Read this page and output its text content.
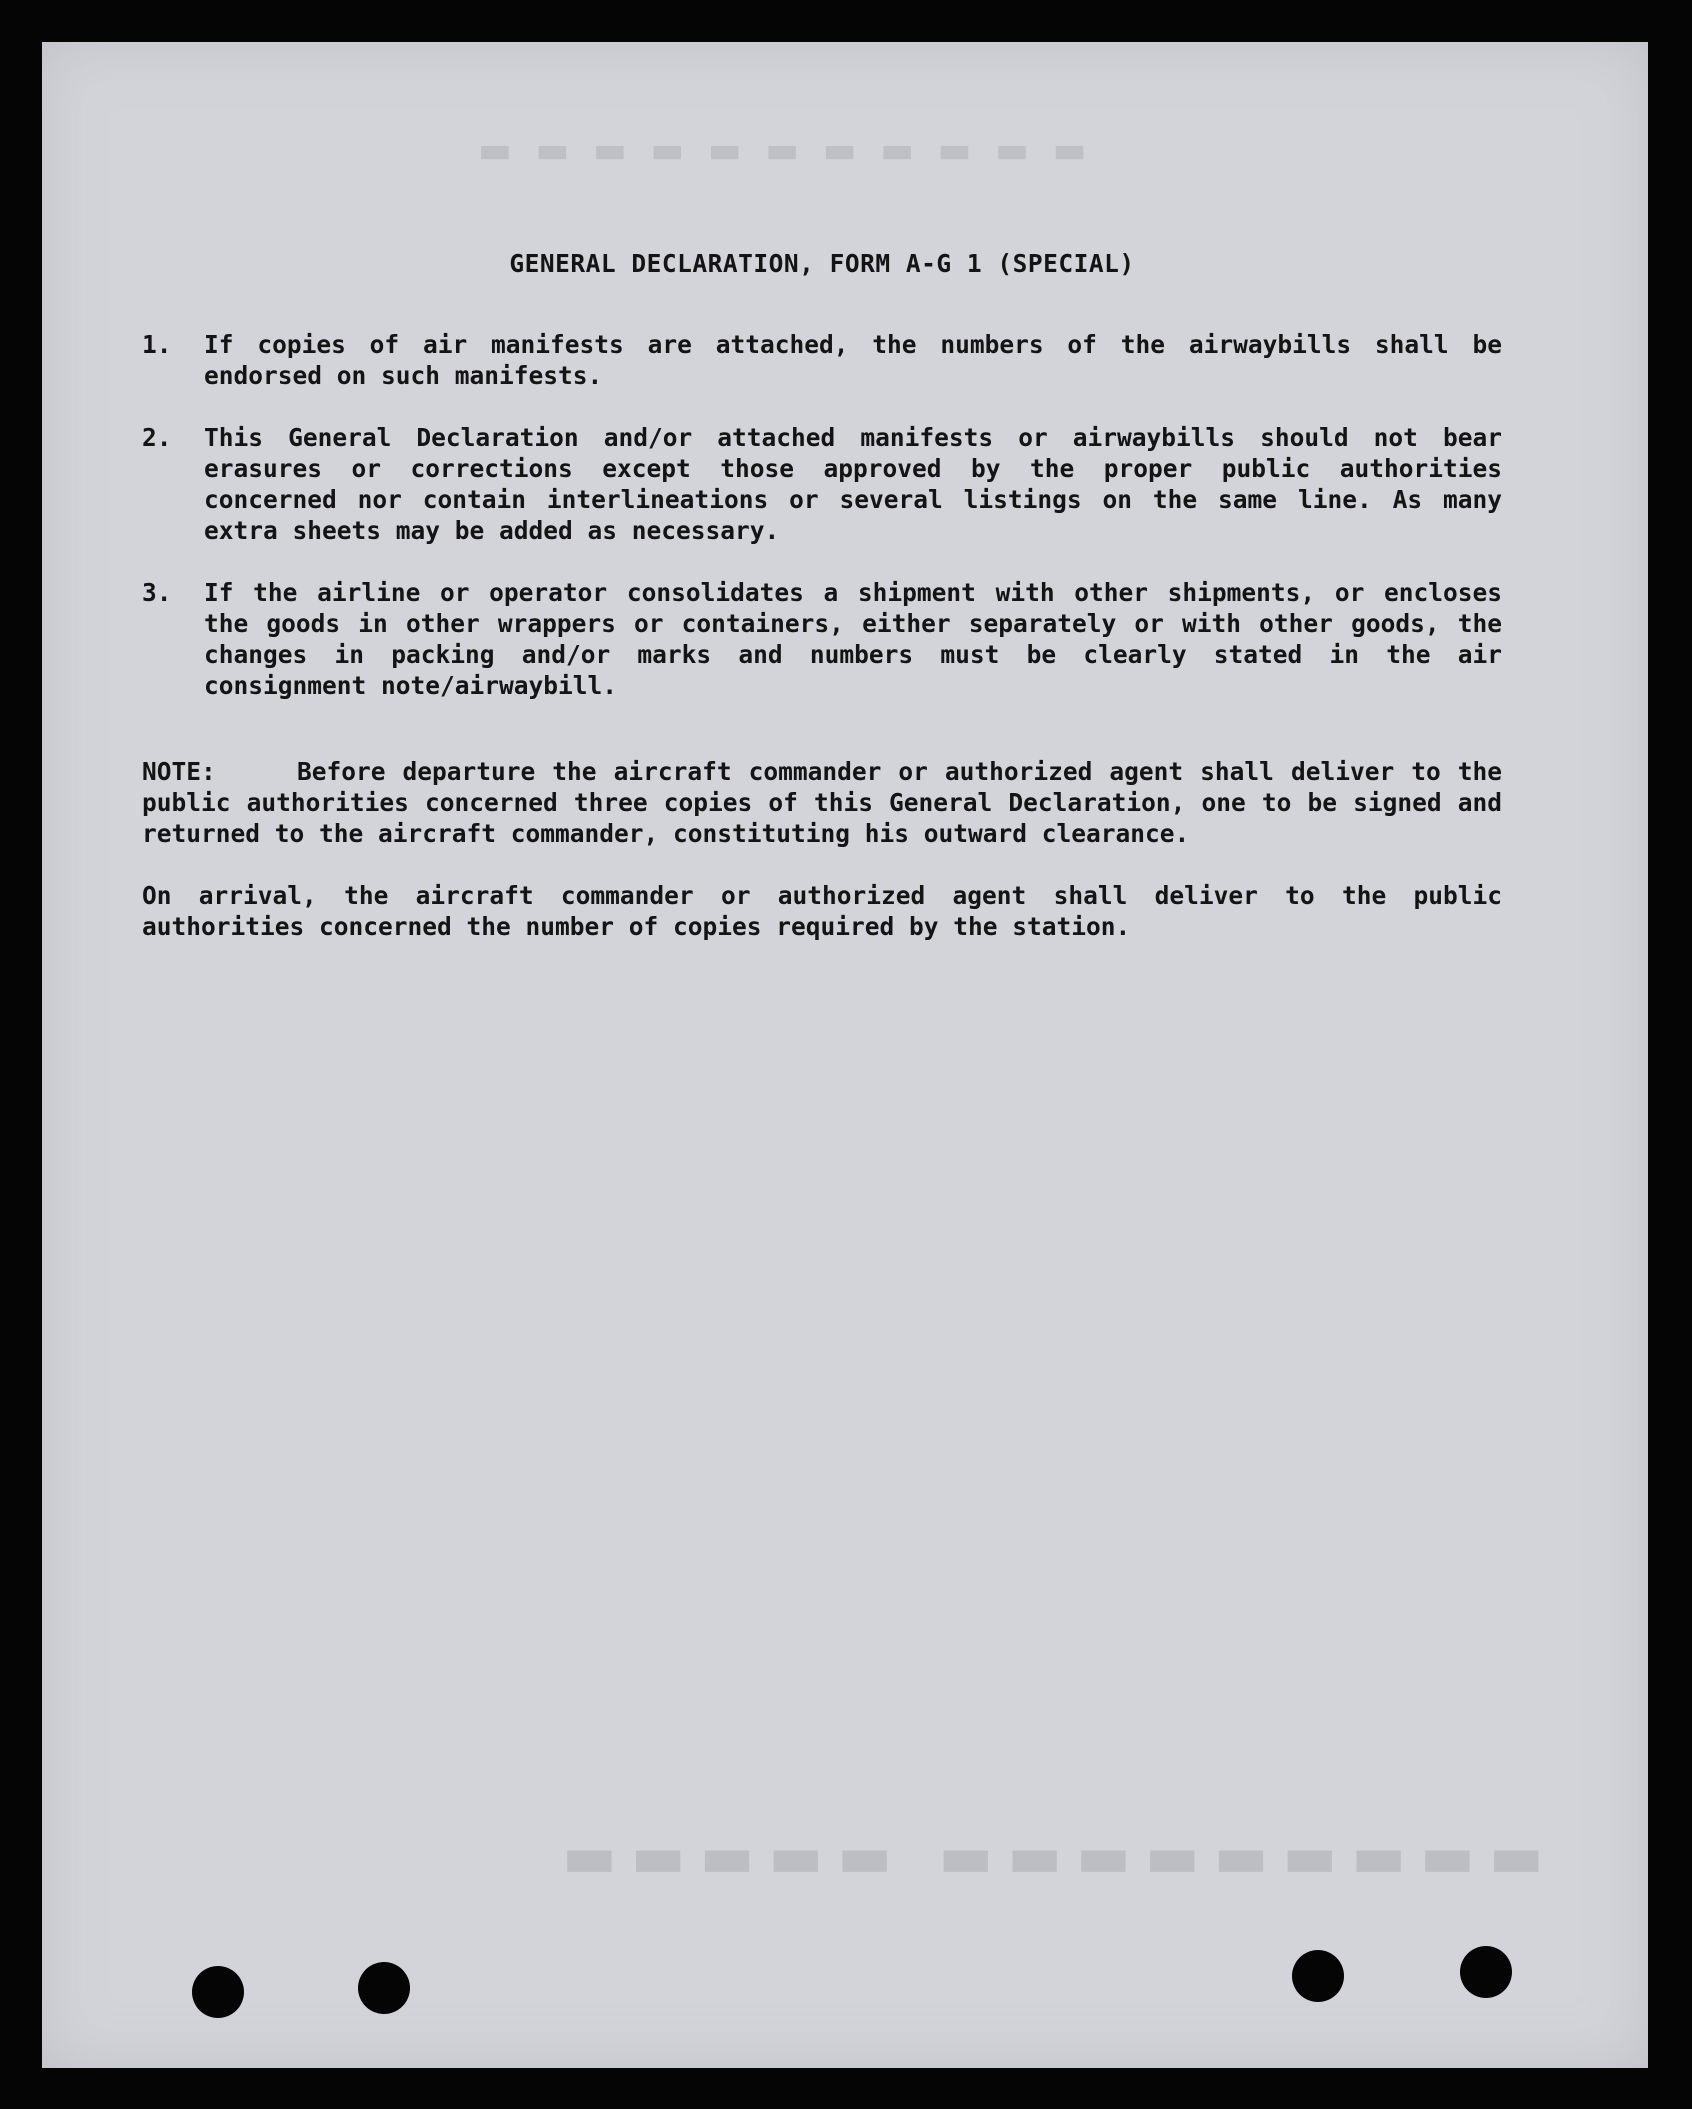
▬ ▬ ▬ ▬ ▬ ▬ ▬ ▬ ▬ ▬ ▬
▬▬▬▬▬ ▬▬▬▬▬▬▬▬▬
GENERAL DECLARATION, FORM A-G 1 (SPECIAL)
1.	If copies of air manifests are attached, the numbers of the airwaybills shall be endorsed on such manifests.
2.	This General Declaration and/or attached manifests or airwaybills should not bear erasures or corrections except those approved by the proper public authorities concerned nor contain interlineations or several listings on the same line. As many extra sheets may be added as necessary.
3.	If the airline or operator consolidates a shipment with other shipments, or encloses the goods in other wrappers or containers, either separately or with other goods, the changes in packing and/or marks and numbers must be clearly stated in the air consignment note/airwaybill.
NOTE:	Before departure the aircraft commander or authorized agent shall deliver to the public authorities concerned three copies of this General Declaration, one to be signed and returned to the aircraft commander, constituting his outward clearance.
On arrival, the aircraft commander or authorized agent shall deliver to the public authorities concerned the number of copies required by the station.
